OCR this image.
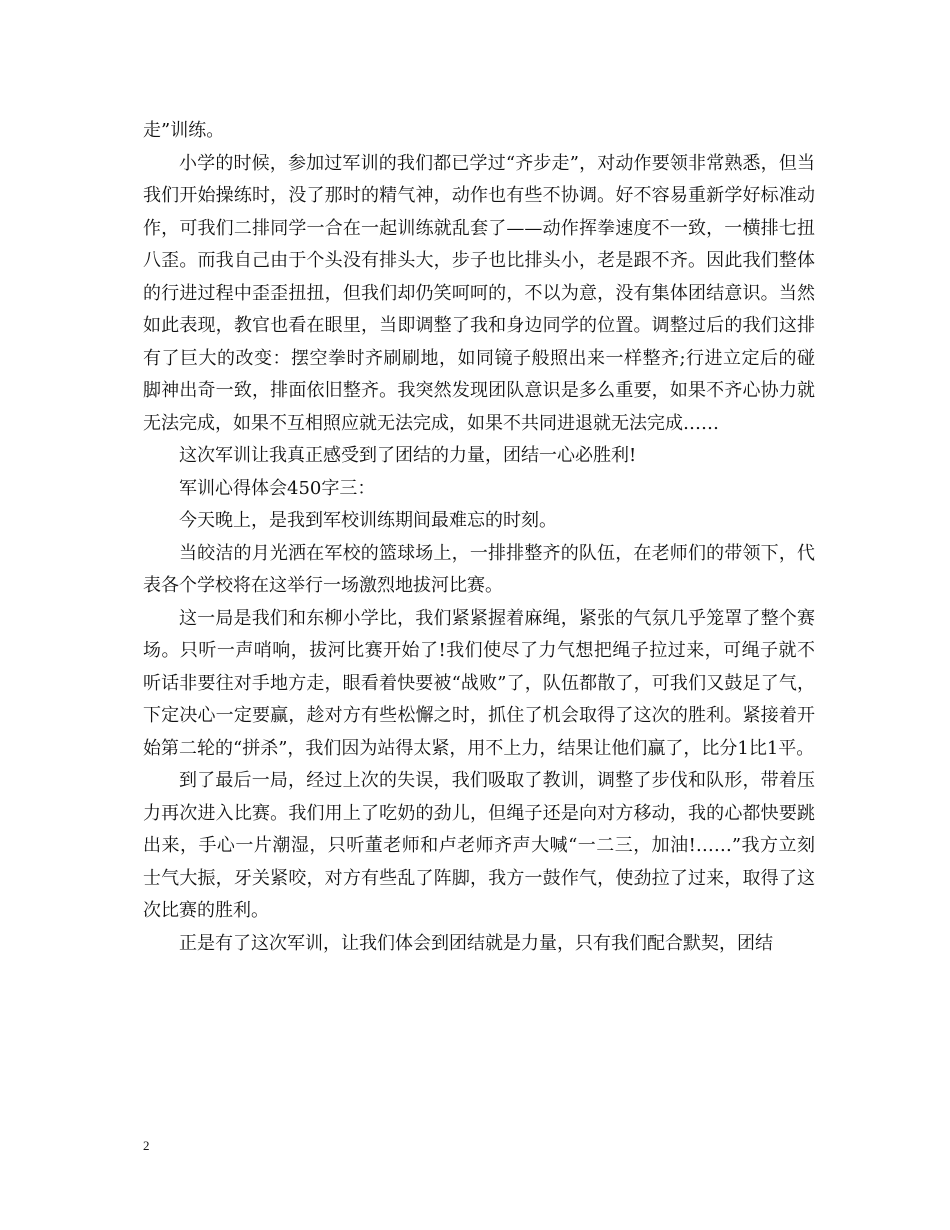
走”训练。

小学的时候，参加过军训的我们都已学过“齐步走”，对动作要领非常熟悉，但当我们开始操练时，没了那时的精气神，动作也有些不协调。好不容易重新学好标准动作，可我们二排同学一合在一起训练就乱套了——动作挥拳速度不一致，一横排七扭八歪。而我自己由于个头没有排头大，步子也比排头小，老是跟不齐。因此我们整体的行进过程中歪歪扭扭，但我们却仍笑呵呵的，不以为意，没有集体团结意识。当然如此表现，教官也看在眼里，当即调整了我和身边同学的位置。调整过后的我们这排有了巨大的改变：摆空拳时齐刷刷地，如同镜子般照出来一样整齐;行进立定后的碰脚神出奇一致，排面依旧整齐。我突然发现团队意识是多么重要，如果不齐心协力就无法完成，如果不互相照应就无法完成，如果不共同进退就无法完成……

这次军训让我真正感受到了团结的力量，团结一心必胜利!

军训心得体会450字三：

今天晚上，是我到军校训练期间最难忘的时刻。

当皎洁的月光洒在军校的篮球场上，一排排整齐的队伍，在老师们的带领下，代表各个学校将在这举行一场激烈地拔河比赛。

这一局是我们和东柳小学比，我们紧紧握着麻绳，紧张的气氛几乎笼罩了整个赛场。只听一声哨响，拔河比赛开始了!我们使尽了力气想把绳子拉过来，可绳子就不听话非要往对手地方走，眼看着快要被“战败”了，队伍都散了，可我们又鼓足了气，下定决心一定要赢，趁对方有些松懈之时，抓住了机会取得了这次的胜利。紧接着开始第二轮的“拼杀”，我们因为站得太紧，用不上力，结果让他们赢了，比分1比1平。

到了最后一局，经过上次的失误，我们吸取了教训，调整了步伐和队形，带着压力再次进入比赛。我们用上了吃奶的劲儿，但绳子还是向对方移动，我的心都快要跳出来，手心一片潮湿，只听董老师和卢老师齐声大喊“一二三，加油!……”我方立刻士气大振，牙关紧咬，对方有些乱了阵脚，我方一鼓作气，使劲拉了过来，取得了这次比赛的胜利。

正是有了这次军训，让我们体会到团结就是力量，只有我们配合默契，团结

2
